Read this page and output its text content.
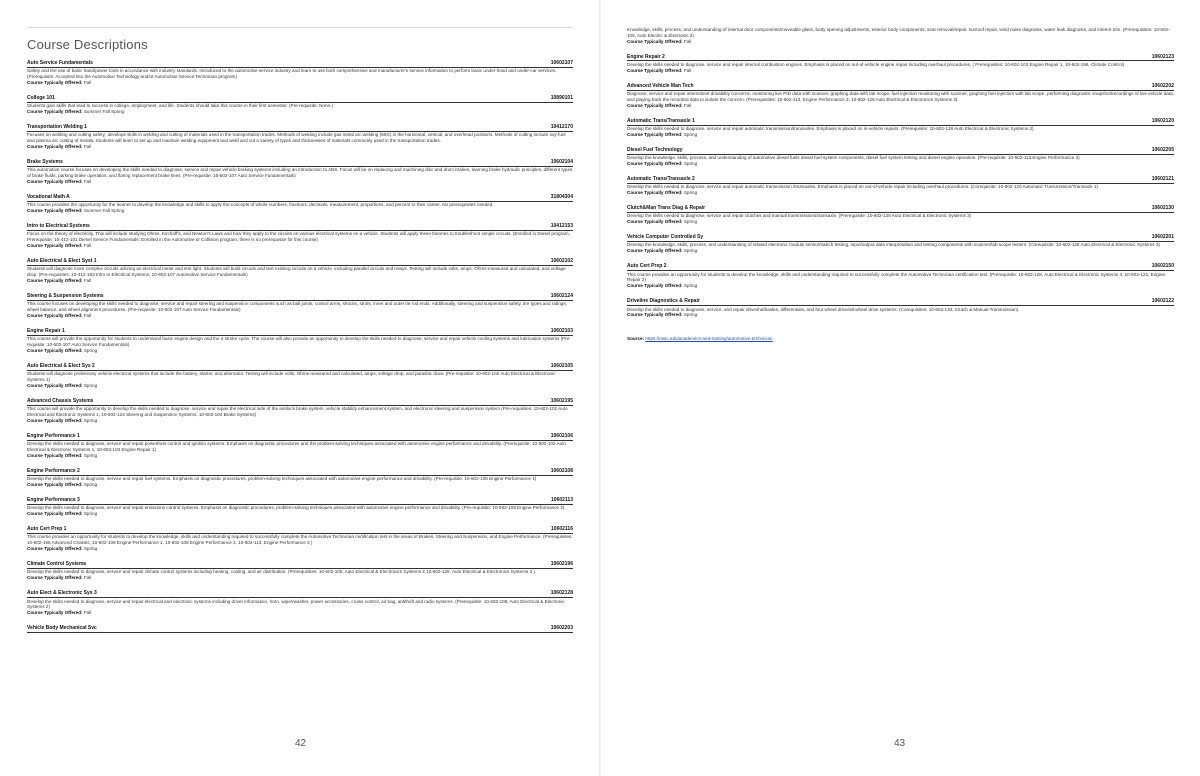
Course Descriptions
Auto Service Fundamentals	10602107
Safety and the use of basic hand/power tools in accordance with industry standards. Introduced to the automotive service industry and learn to use both comprehensive and manufacturer's service information to perform basic under-hood and under-car services. (Prerequisite: Accepted into the Automotive Technology and/or Automotive Service Technician program)
Course Typically Offered: Fall
College 101	10890101
Students gain skills that lead to success in college, employment, and life. Students should take this course in their first semester. (Pre-requisite: None.)
Course Typically Offered: Summer Fall Spring
Transportation Welding 1	10412170
Focuses on welding and cutting safety; develops skills in welding and cutting of materials used in the transportation trades. Methods of welding include gas metal arc welding (MIG) in the horizontal, vertical, and overhead positions. Methods of cutting include oxy-fuel and plasma arc cutting of metals. Students will learn to set up and maintain welding equipment and weld and cut a variety of types and thicknesses of materials commonly used in the transportation trades.
Course Typically Offered: Fall
Brake Systems	10602104
This automotive course focuses on developing the skills needed to diagnose, service and repair vehicle braking systems including an introduction to ABS. Focus will be on replacing and machining disc and drum brakes, learning brake hydraulic principles, different types of brake fluids, parking brake operation, and flaring replacement brake lines. (Pre-requisite: 10-602-107 Auto Service Fundamentals)
Course Typically Offered: Fall
Vocational Math A	31804304
This course provides the opportunity for the learner to develop the knowledge and skills to apply the concepts of whole numbers, fractions, decimals, measurement, proportions, and percent to their career. No prerequisites needed.
Course Typically Offered: Summer Fall Spring
Intro to Electrical Systems	10412153
Focus on the theory of electricity. This will include studying Ohms, Kirchoff's, and Newton's Laws and how they apply to the circuits on various electrical systems on a vehicle. Students will apply these theories to troubleshoot simple circuits. (Enrolled in Diesel program, Prerequisite: 10-412-101 Diesel Service Fundamentals; Enrolled in the Automotive or Collision program, there is no prerequisite for this course)
Course Typically Offered: Fall
Auto Electrical & Elect Syst 1	10602102
Students will diagnose more complex circuits utilizing an electrical meter and test light. Students will build circuits and test existing circuits on a vehicle, including parallel circuits and relays. Testing will include volts, amps, Ohms-measured and calculated, and voltage drop. (Pre-requisites: 10-412-153 Intro to Electrical Systems, 10-602-107 Automotive Service Fundamentals)
Course Typically Offered: Fall
Steering & Suspension Systems	10602124
This course focuses on developing the skills needed to diagnose, service and repair steering and suspension components such as ball joints, control arms, shocks, struts, inner and outer tie rod ends. Additionally, steering and suspension safety, tire types and ratings, wheel balance, and wheel alignment procedures. (Pre-requisite: 10-602-107 Auto Service Fundamentals)
Course Typically Offered: Fall
Engine Repair 1	10602103
This course will provide the opportunity for students to understand basic engine design and the 4 stroke cycle. The course will also provide an opportunity to develop the skills needed to diagnose, service and repair vehicle cooling systems and lubrication systems (Pre-requisite: 10-602-107 Auto Service Fundamentals)
Course Typically Offered: Spring
Auto Electrical & Elect Sys 2	10602105
Students will diagnose preliminary vehicle electrical systems that include the battery, starter, and alternator. Testing will include volts, Ohms-measured and calculated, amps, voltage drop, and parasitic draw. (Pre-requisite: 10-602-102 Auto Electrical & Electronic Systems 1)
Course Typically Offered: Spring
Advanced Chassis Systems	10602195
This course will provide the opportunity to develop the skills needed to diagnose, service and repair the electrical side of the antilock brake system, vehicle stability enhancement system, and electronic steering and suspension system (Pre-requisites: 10-602-102 Auto Electrical and Electronic Systems 1, 10-602-124 Steering and Suspension Systems, 10-602-104 Brake Systems)
Course Typically Offered: Spring
Engine Performance 1	10602106
Develop the skills needed to diagnose, service and repair powertrain control and ignition systems. Emphasis on diagnostic procedures and the problem-solving techniques associated with automotive engine performance and drivability. (Prerequisite: 10-602-102 Auto Electrical & Electronic Systems 1, 10-602-103 Engine Repair 1)
Course Typically Offered: Spring
Engine Performance 2	10602108
Develop the skills needed to diagnose, service and repair fuel systems. Emphasis on diagnostic procedures, problem-solving techniques associated with automotive engine performance and drivability. (Pre-requisite: 10-602-106 Engine Performance 1)
Course Typically Offered: Spring
Engine Performance 3	10602113
Develop the skills needed to diagnose, service and repair emissions control systems. Emphasis on diagnostic procedures, problem-solving techniques associated with automotive engine performance and drivability. (Pre-requisite: 10-602-108 Engine Performance 2)
Course Typically Offered: Spring
Auto Cert Prep 1	10602116
This course provides an opportunity for students to develop the knowledge, skills and understanding required to successfully complete the Automotive Technician certification test in the areas of Brakes, Steering and Suspension, and Engine Performance. (Prerequisites: 10-602-195 Advanced Chassis, 10-602-106 Engine Performance 1, 10-602-108 Engine Performance 2, 10-602-113, Engine Performance 3 )
Course Typically Offered: Spring
Climate Control Systems	10602196
Develop the skills needed to diagnose, service and repair climate control systems including heating, cooling, and air distribution. (Prerequisites: 10-602-105, Auto Electrical & Electronics Systems 2,10-602-128, Auto Electrical & Electronics Systems 3 )
Course Typically Offered: Fall
Auto Elect & Electronic Sys 3	10602128
Develop the skills needed to diagnose, service and repair electrical and electronic systems including driver information, horn, wiper/washer, power accessories, cruise control, air bag, antitheft and radio systems. (Prerequisite: 10-602-105, Auto Electrical & Electronic Systems 2)
Course Typically Offered: Fall
Vehicle Body Mechanical Svc	10602203
42
Knowledge, skills, process, and understanding of internal door components/moveable glass, body opening adjustments, exterior body components, seat removal/repair, sunroof repair, wind noise diagnosis, water leak diagnosis, and interior trim. (Prerequisites: 10-602-105, Auto Electric & Electronic 2)
Course Typically Offered: Fall
Engine Repair 2	10602123
Develop the skills needed to diagnose, service and repair internal combustion engines. Emphasis is placed on out-of-vehicle engine repair including overhaul procedures. ( Prerequisites: 10-602-103 Engine Repair 1, 10-602-196, Climate Control)
Course Typically Offered: Fall
Advanced Vehicle Man Tech	10602202
Diagnose, service and repair intermittent drivability concerns, monitoring live PID data with scanner, graphing data with lab scope, fuel injection monitoring with scanner, graphing fuel injectors with lab scope, performing diagnostic snapshot/recordings of live vehicle data, and playing back the recorded data to isolate the concern. (Prerequisites: 10-602-113, Engine Performance 3; 10-602-128 Auto Electrical & Electronics Systems 3)
Course Typically Offered: Fall
Automatic Trans/Transaxle 1	10602120
Develop the skills needed to diagnose, service and repair automatic transmission/transaxles. Emphasis is placed on in-vehicle repairs. (Prerequisite: 10-602-128 Auto Electrical & Electronic Systems 3)
Course Typically Offered: Spring
Diesel Fuel Technology	10602205
Develop the knowledge, skills, process, and understanding of automotive diesel fuels diesel fuel system components, diesel fuel system testing and diesel engine operation. (Pre-requisite: 10-602-113 Engine Performance 3)
Course Typically Offered: Spring
Automatic Trans/Transaxle 2	10602121
Develop the skills needed to diagnose, service and repair automatic transmission./transaxles. Emphasis is placed on out-of-vehicle repair including overhaul procedures. (Corequisite: 10-602-120 Automatic Transmission/Transaxle 1)
Course Typically Offered: Spring
Clutch&Man Trans Diag & Repair	10602130
Develop the skills needed to diagnose, service and repair clutches and manual transmissions/transaxle. (Prerequisite: 10-602-128 Auto Electrical & Electronic Systems 3)
Course Typically Offered: Spring
Vehicle Computer Controlled Sy	10602201
Develop the knowledge, skills, process, and understanding of related electronic module sensor/switch testing, input/output data interpretation and testing components with scanner/lab scope testers. (Corequisite: 10-602-128 Auto Electrical & Electronic Systems 3)
Course Typically Offered: Spring
Auto Cert Prep 2	10602150
This course provides an opportunity for students to develop the knowledge, skills and understanding required to successfully complete the Automotive Technician certification test. (Prerequisite: 10-602-128, Auto Electrical & Electronic Systems 3, 10-602-123, Engine Repair 2)
Course Typically Offered: Spring
Driveline Diagnostics & Repair	10602122
Develop the skills needed to diagnose, service, and repair driveshaft/axles, differentials, and four wheel drive/all-wheel drive systems. (Corequisites: 10-602-130, Clutch & Manual Transmission)
Course Typically Offered: Spring
Source: https://nwtc.edu/academics-and-training/automotive-technician
43
